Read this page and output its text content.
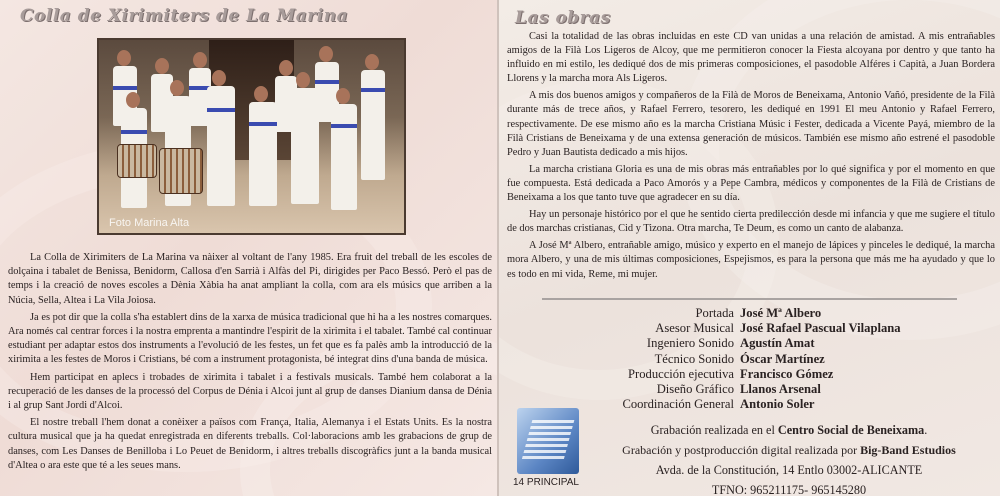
Colla de Xirimiters de La Marina
Foto Marina Alta

La Colla de Xirimiters de La Marina va nàixer al voltant de l'any 1985. Era fruit del treball de les escoles de dolçaina i tabalet de Benissa, Benidorm, Callosa d'en Sarrià i Alfàs del Pi, dirigides per Paco Bessó. Però el pas de temps i la creació de noves escoles a Dènia Xàbia ha anat ampliant la colla, com ara els músics que arriben a la Núcia, Sella, Altea i La Vila Joiosa.

Ja es pot dir que la colla s'ha establert dins de la xarxa de música tradicional que hi ha a les nostres comarques. Ara només cal centrar forces i la nostra emprenta a mantindre l'espirit de la xirimita i el tabalet. També cal continuar estudiant per adaptar estos dos instruments a l'evolució de les festes, un fet que es fa palès amb la introducció de la xirimita a les festes de Moros i Cristians, bé com a instrument protagonista, bé integrat dins d'una banda de música.

Hem participat en aplecs i trobades de xirimita i tabalet i a festivals musicals. També hem colaborat a la recuperació de les danses de la processó del Corpus de Dénia i Alcoi junt al grup de danses Dianium dansa de Dénia i al grup Sant Jordi d'Alcoi.

El nostre treball l'hem donat a conèixer a països com França, Italia, Alemanya i el Estats Units. Es la nostra cultura musical que ja ha quedat enregistrada en diferents treballs. Col·laboracions amb les grabacions de grup de danses, com Les Danses de Benilloba i Lo Peuet de Benidorm, i altres treballs discogràfics junt a la banda musical d'Altea o ara este que té a les seues mans.

Las obras

Casi la totalidad de las obras incluidas en este CD van unidas a una relación de amistad. A mis entrañables amigos de la Filà Los Ligeros de Alcoy, que me permitieron conocer la Fiesta alcoyana por dentro y que tanto ha influido en mi estilo, les dediqué dos de mis primeras composiciones, el pasodoble Alféres i Capità, a Juan Bordera Llorens y la marcha mora Als Ligeros.

A mis dos buenos amigos y compañeros de la Filà de Moros de Beneixama, Antonio Vañó, presidente de la Filà durante más de trece años, y Rafael Ferrero, tesorero, les dediqué en 1991 El meu Antonio y Rafael Ferrero, respectivamente. De ese mismo año es la marcha Cristiana Músic i Fester, dedicada a Vicente Payá, miembro de la Filà Cristians de Beneixama y de una extensa generación de músicos. También ese mismo año estrené el pasodoble Pedro y Juan Bautista dedicado a mis hijos.

La marcha cristiana Gloria es una de mis obras más entrañables por lo qué significa y por el momento en que fue compuesta. Está dedicada a Paco Amorós y a Pepe Cambra, médicos y componentes de la Filà de Cristians de Beneixama a los que tanto tuve que agradecer en su día.

Hay un personaje histórico por el que he sentido cierta predilección desde mi infancia y que me sugiere el título de dos marchas cristianas, Cid y Tizona. Otra marcha, Te Deum, es como un canto de alabanza.

A José Mª Albero, entrañable amigo, músico y experto en el manejo de lápices y pinceles le dediqué, la marcha mora Albero, y una de mis últimas composiciones, Espejismos, es para la persona que más me ha ayudado y que lo es todo en mi vida, Reme, mi mujer.

Portada José Mª Albero
Asesor Musical José Rafael Pascual Vilaplana
Ingeniero Sonido Agustín Amat
Técnico Sonido Óscar Martínez
Producción ejecutiva Francisco Gómez
Diseño Gráfico Llanos Arsenal
Coordinación General Antonio Soler
14 PRINCIPAL
Grabación realizada en el Centro Social de Beneixama.
Grabación y postproducción digital realizada por Big-Band Estudios
Avda. de la Constitución, 14 Entlo 03002-ALICANTE
TFNO: 965211175- 965145280
